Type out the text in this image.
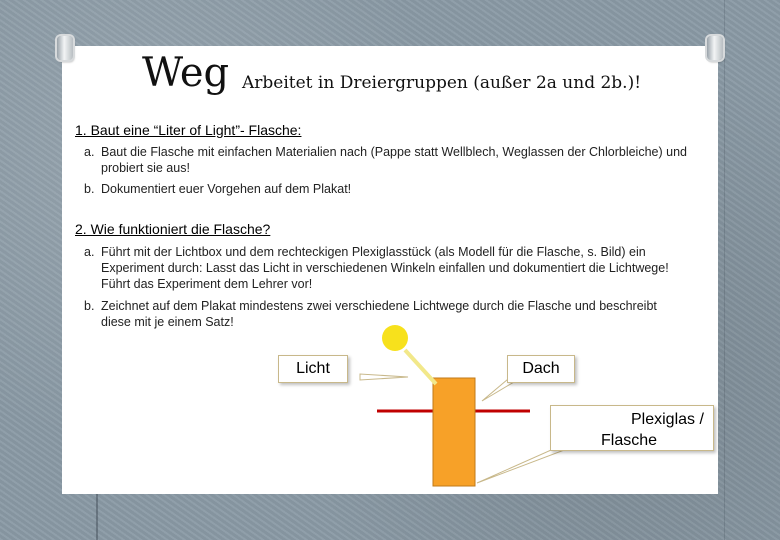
Weg Arbeitet in Dreiergruppen (außer 2a und 2b.)!
1. Baut eine “Liter of Light”- Flasche:
a. Baut die Flasche mit einfachen Materialien nach (Pappe statt Wellblech, Weglassen der Chlorbleiche) und probiert sie aus!
b. Dokumentiert euer Vorgehen auf dem Plakat!
2. Wie funktioniert die Flasche?
a. Führt mit der Lichtbox und dem rechteckigen Plexiglasstück (als Modell für die Flasche, s. Bild) ein Experiment durch: Lasst das Licht in verschiedenen Winkeln einfallen und dokumentiert die Lichtwege! Führt das Experiment dem Lehrer vor!
b. Zeichnet auf dem Plakat mindestens zwei verschiedene Lichtwege durch die Flasche und beschreibt diese mit je einem Satz!
Licht	Dach
Plexiglas /
Flasche
